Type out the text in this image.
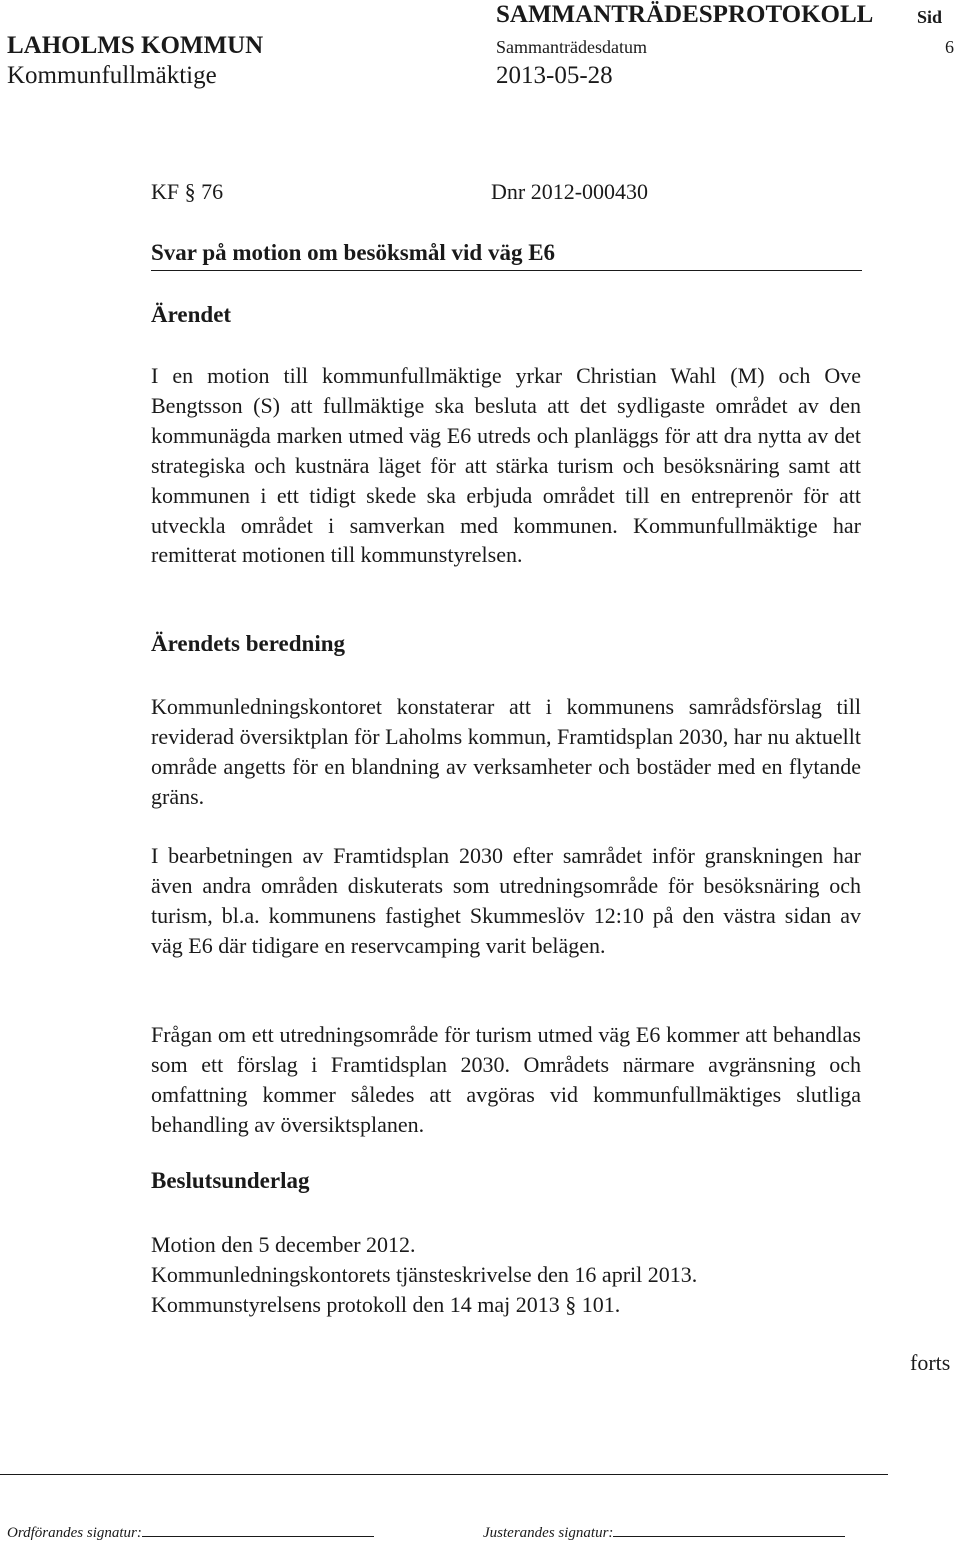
SAMMANTRÄDESPROTOKOLL Sid
LAHOLMS KOMMUN	Sammanträdesdatum	6
Kommunfullmäktige	2013-05-28
KF § 76	Dnr 2012-000430
Svar på motion om besöksmål vid väg E6
Ärendet
I en motion till kommunfullmäktige yrkar Christian Wahl (M) och Ove Bengtsson (S) att fullmäktige ska besluta att det sydligaste området av den kommunägda marken utmed väg E6 utreds och planläggs för att dra nytta av det strategiska och kustnära läget för att stärka turism och besöksnäring samt att kommunen i ett tidigt skede ska erbjuda området till en entreprenör för att utveckla området i samverkan med kommunen. Kommunfullmäktige har remitterat motionen till kommunstyrelsen.
Ärendets beredning
Kommunledningskontoret konstaterar att i kommunens samrådsförslag till reviderad översiktplan för Laholms kommun, Framtidsplan 2030, har nu aktuellt område angetts för en blandning av verksamheter och bostäder med en flytande gräns.
I bearbetningen av Framtidsplan 2030 efter samrådet inför granskningen har även andra områden diskuterats som utredningsområde för besöksnäring och turism, bl.a. kommunens fastighet Skummeslöv 12:10 på den västra sidan av väg E6 där tidigare en reservcamping varit belägen.
Frågan om ett utredningsområde för turism utmed väg E6 kommer att behandlas som ett förslag i Framtidsplan 2030. Områdets närmare avgränsning och omfattning kommer således att avgöras vid kommunfullmäktiges slutliga behandling av översiktsplanen.
Beslutsunderlag
Motion den 5 december 2012.
Kommunledningskontorets tjänsteskrivelse den 16 april 2013.
Kommunstyrelsens protokoll den 14 maj 2013 § 101.
forts
Ordförandes signatur:	Justerandes signatur:
